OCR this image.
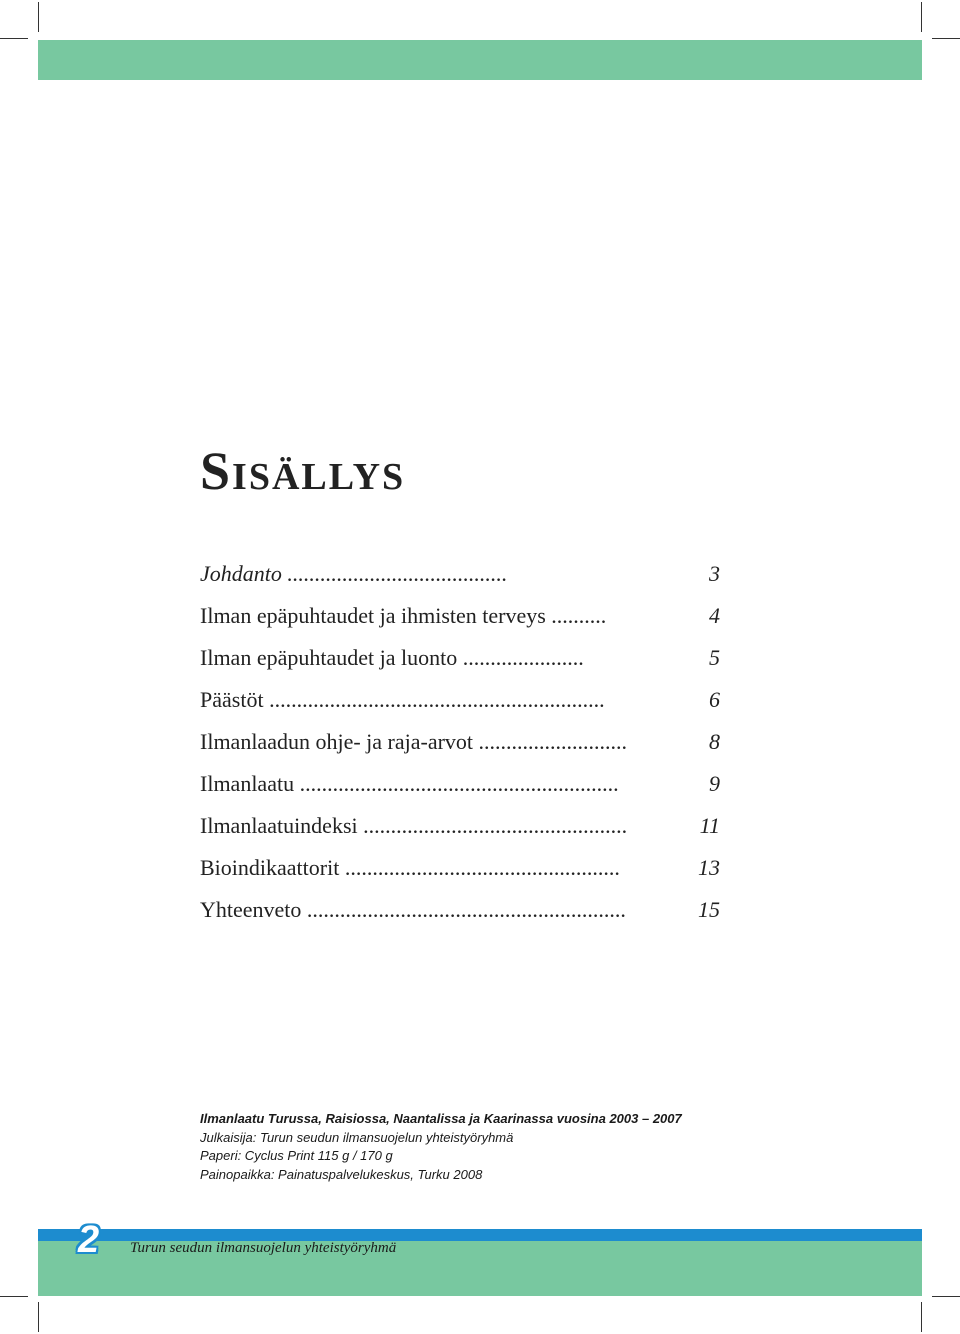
Sisällys
Johdanto ........................................	3
Ilman epäpuhtaudet ja ihmisten terveys ..........	4
Ilman epäpuhtaudet ja luonto ......................	5
Päästöt .............................................................	6
Ilmanlaadun ohje- ja raja-arvot ...........................	8
Ilmanlaatu ..........................................................	9
Ilmanlaatuindeksi ................................................	11
Bioindikaattorit ..................................................	13
Yhteenveto ..........................................................	15
Ilmanlaatu Turussa, Raisiossa, Naantalissa ja Kaarinassa vuosina 2003 – 2007
Julkaisija: Turun seudun ilmansuojelun yhteistyöryhmä
Paperi: Cyclus Print 115 g / 170 g
Painopaikka: Painatuspalvelukeskus, Turku 2008
2 Turun seudun ilmansuojelun yhteistyöryhmä
